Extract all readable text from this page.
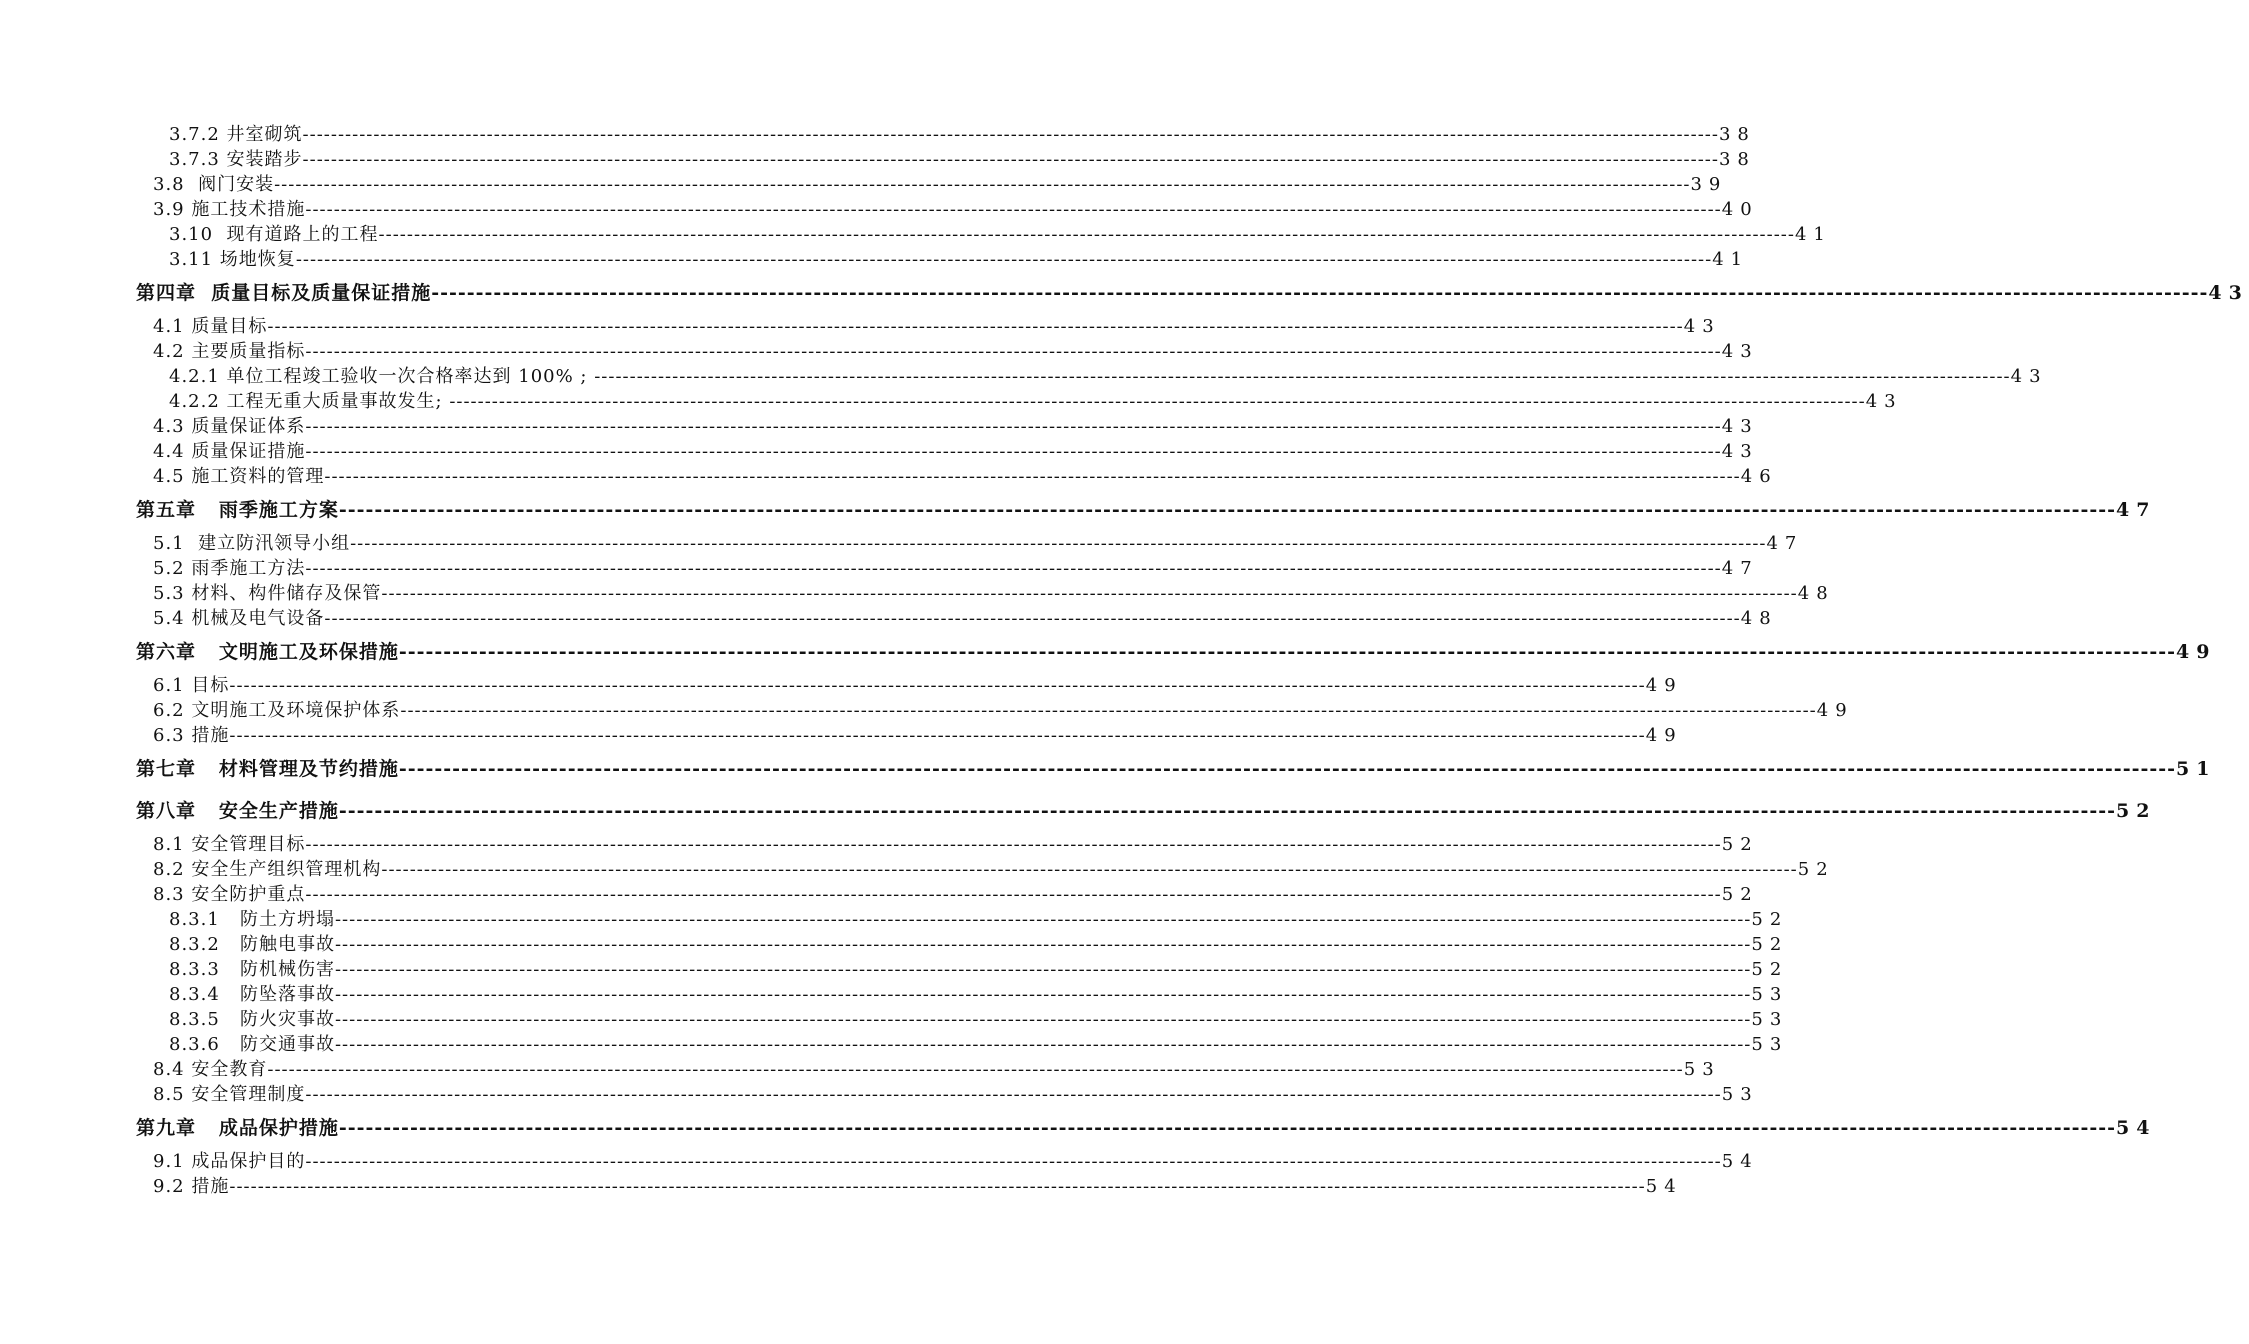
3.7.2 井室砌筑 -------------------------------------------------------------------------------------------------------------------------------------------------------------------------------------------------------- 38
3.7.3 安装踏步 -------------------------------------------------------------------------------------------------------------------------------------------------------------------------------------------------------- 38
3.8  阀门安装 -------------------------------------------------------------------------------------------------------------------------------------------------------------------------------------------------------- 39
3.9 施工技术措施 -------------------------------------------------------------------------------------------------------------------------------------------------------------------------------------------------------- 40
3.10  现有道路上的工程 -------------------------------------------------------------------------------------------------------------------------------------------------------------------------------------------------------- 41
3.11 场地恢复 -------------------------------------------------------------------------------------------------------------------------------------------------------------------------------------------------------- 41
第四章  质量目标及质量保证措施 -------------------------------------------------------------------------------------------------------------------------------------------------------------------------------------------------------- 43
4.1 质量目标 -------------------------------------------------------------------------------------------------------------------------------------------------------------------------------------------------------- 43
4.2 主要质量指标 -------------------------------------------------------------------------------------------------------------------------------------------------------------------------------------------------------- 43
4.2.1 单位工程竣工验收一次合格率达到 100% ; -------------------------------------------------------------------------------------------------------------------------------------------------------------------------------------------------------- 43
4.2.2 工程无重大质量事故发生; -------------------------------------------------------------------------------------------------------------------------------------------------------------------------------------------------------- 43
4.3 质量保证体系 -------------------------------------------------------------------------------------------------------------------------------------------------------------------------------------------------------- 43
4.4 质量保证措施 -------------------------------------------------------------------------------------------------------------------------------------------------------------------------------------------------------- 43
4.5 施工资料的管理 -------------------------------------------------------------------------------------------------------------------------------------------------------------------------------------------------------- 46
第五章   雨季施工方案 -------------------------------------------------------------------------------------------------------------------------------------------------------------------------------------------------------- 47
5.1  建立防汛领导小组 -------------------------------------------------------------------------------------------------------------------------------------------------------------------------------------------------------- 47
5.2 雨季施工方法 -------------------------------------------------------------------------------------------------------------------------------------------------------------------------------------------------------- 47
5.3 材料、构件储存及保管 -------------------------------------------------------------------------------------------------------------------------------------------------------------------------------------------------------- 48
5.4 机械及电气设备 -------------------------------------------------------------------------------------------------------------------------------------------------------------------------------------------------------- 48
第六章   文明施工及环保措施 -------------------------------------------------------------------------------------------------------------------------------------------------------------------------------------------------------- 49
6.1 目标 -------------------------------------------------------------------------------------------------------------------------------------------------------------------------------------------------------- 49
6.2 文明施工及环境保护体系 -------------------------------------------------------------------------------------------------------------------------------------------------------------------------------------------------------- 49
6.3 措施 -------------------------------------------------------------------------------------------------------------------------------------------------------------------------------------------------------- 49
第七章   材料管理及节约措施 -------------------------------------------------------------------------------------------------------------------------------------------------------------------------------------------------------- 51
第八章   安全生产措施 -------------------------------------------------------------------------------------------------------------------------------------------------------------------------------------------------------- 52
8.1 安全管理目标 -------------------------------------------------------------------------------------------------------------------------------------------------------------------------------------------------------- 52
8.2 安全生产组织管理机构 -------------------------------------------------------------------------------------------------------------------------------------------------------------------------------------------------------- 52
8.3 安全防护重点 -------------------------------------------------------------------------------------------------------------------------------------------------------------------------------------------------------- 52
8.3.1   防土方坍塌 -------------------------------------------------------------------------------------------------------------------------------------------------------------------------------------------------------- 52
8.3.2   防触电事故 -------------------------------------------------------------------------------------------------------------------------------------------------------------------------------------------------------- 52
8.3.3   防机械伤害 -------------------------------------------------------------------------------------------------------------------------------------------------------------------------------------------------------- 52
8.3.4   防坠落事故 -------------------------------------------------------------------------------------------------------------------------------------------------------------------------------------------------------- 53
8.3.5   防火灾事故 -------------------------------------------------------------------------------------------------------------------------------------------------------------------------------------------------------- 53
8.3.6   防交通事故 -------------------------------------------------------------------------------------------------------------------------------------------------------------------------------------------------------- 53
8.4 安全教育 -------------------------------------------------------------------------------------------------------------------------------------------------------------------------------------------------------- 53
8.5 安全管理制度 -------------------------------------------------------------------------------------------------------------------------------------------------------------------------------------------------------- 53
第九章   成品保护措施 -------------------------------------------------------------------------------------------------------------------------------------------------------------------------------------------------------- 54
9.1 成品保护目的 -------------------------------------------------------------------------------------------------------------------------------------------------------------------------------------------------------- 54
9.2 措施 -------------------------------------------------------------------------------------------------------------------------------------------------------------------------------------------------------- 54
